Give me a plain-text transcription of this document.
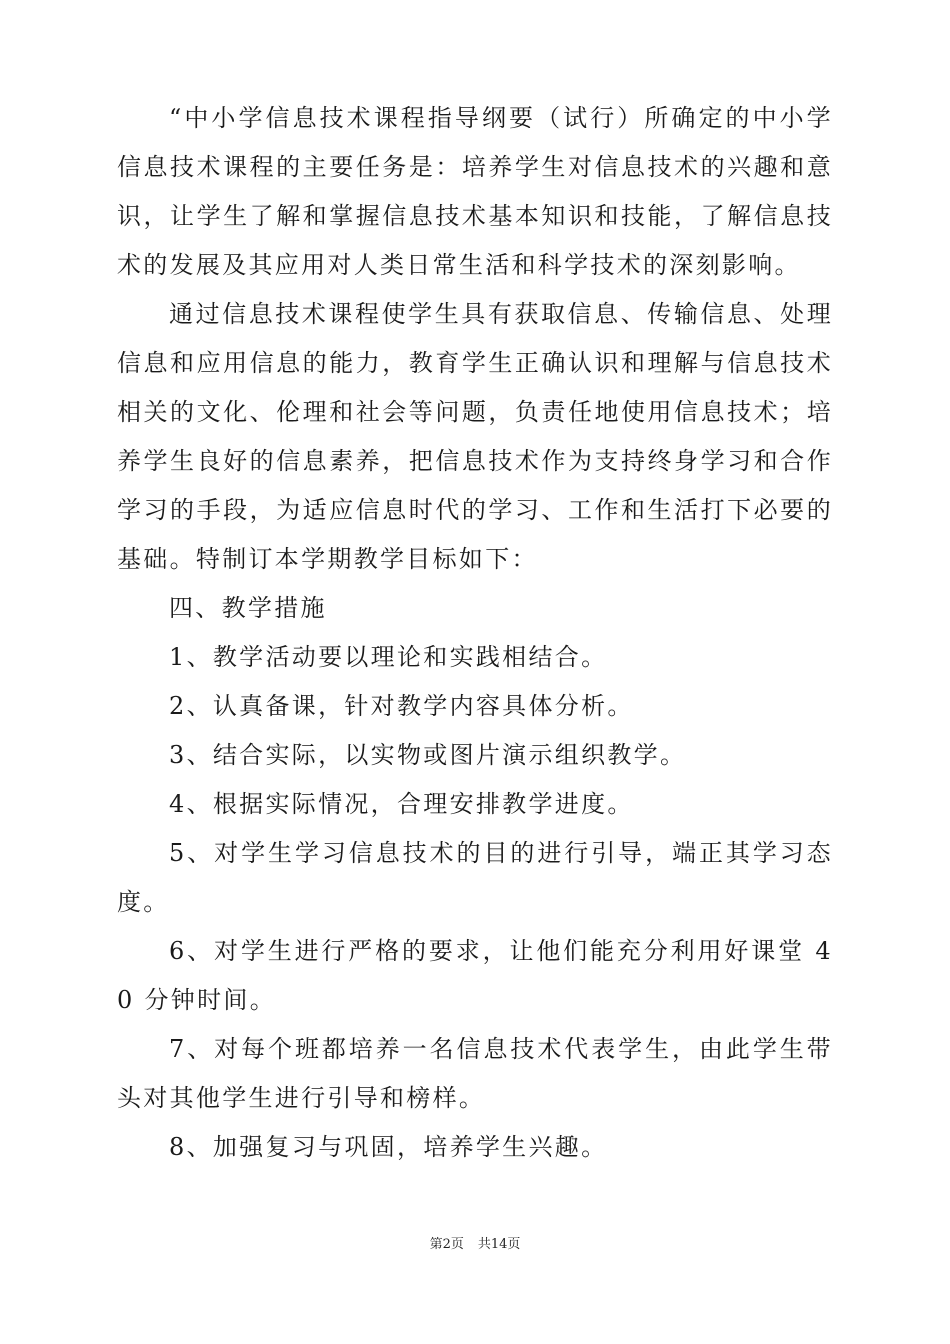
“中小学信息技术课程指导纲要（试行）所确定的中小学信息技术课程的主要任务是：培养学生对信息技术的兴趣和意识，让学生了解和掌握信息技术基本知识和技能，了解信息技术的发展及其应用对人类日常生活和科学技术的深刻影响。

通过信息技术课程使学生具有获取信息、传输信息、处理信息和应用信息的能力，教育学生正确认识和理解与信息技术相关的文化、伦理和社会等问题，负责任地使用信息技术；培养学生良好的信息素养，把信息技术作为支持终身学习和合作学习的手段，为适应信息时代的学习、工作和生活打下必要的基础。特制订本学期教学目标如下：

四、教学措施

1、教学活动要以理论和实践相结合。

2、认真备课，针对教学内容具体分析。

3、结合实际，以实物或图片演示组织教学。

4、根据实际情况，合理安排教学进度。

5、对学生学习信息技术的目的进行引导，端正其学习态度。

6、对学生进行严格的要求，让他们能充分利用好课堂 40 分钟时间。

7、对每个班都培养一名信息技术代表学生，由此学生带头对其他学生进行引导和榜样。

8、加强复习与巩固，培养学生兴趣。

第2页 共14页
